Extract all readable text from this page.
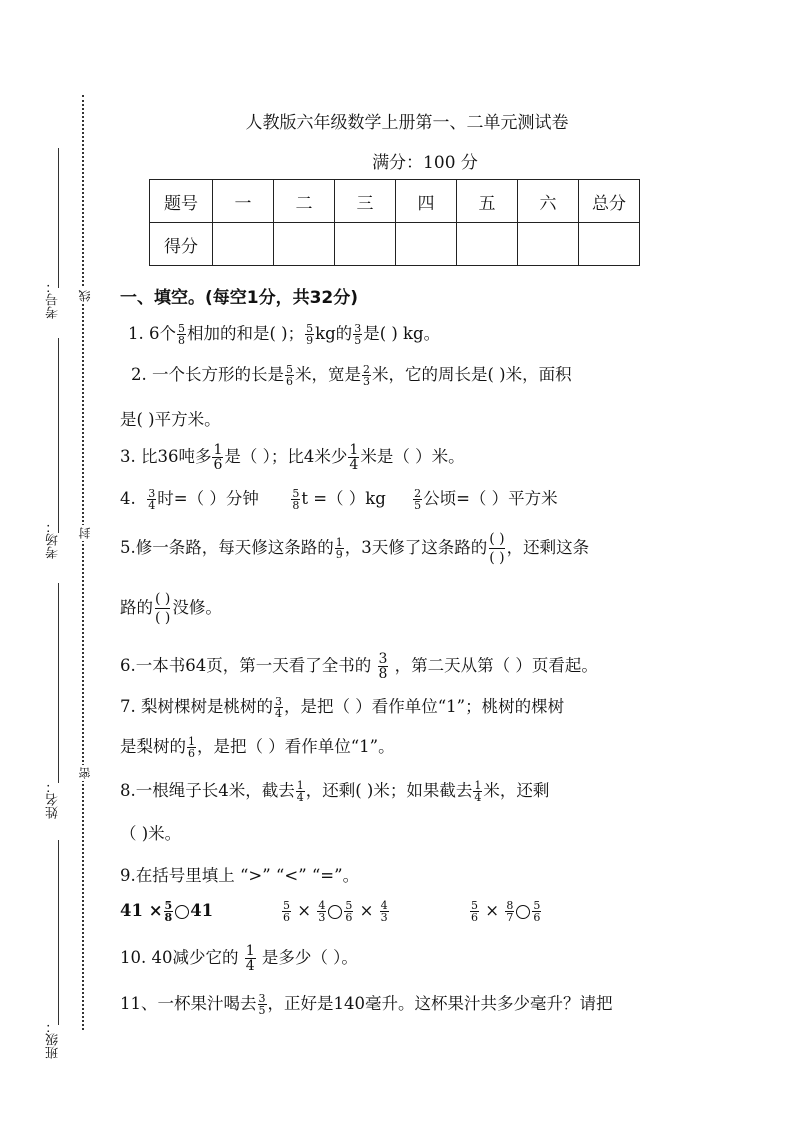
考号：
考场：
姓名：
班级：
线
封
密
人教版六年级数学上册第一、二单元测试卷
满分：100 分
题号	一	二	三	四	五	六	总分
得分							
一、填空。(每空1分，共32分)
1. 6个 $\frac{5}{8}$ 相加的和是( )； $\frac{5}{9}$ kg的 $\frac{3}{5}$ 是( ) kg。
2. 一个长方形的长是 $\frac{5}{6}$ 米，宽是 $\frac{2}{3}$ 米，它的周长是( )米，面积
是( )平方米。
3. 比36吨多 $\frac{1}{6}$ 是（ ）；比4米少 $\frac{1}{4}$ 米是（ ）米。
4. $\frac{3}{4}$ 时=（ ）分钟	$\frac{5}{8}$ t =（ ）$kg \frac{2}{5}$ 公顷=（ ）平方米
5.修一条路，每天修这条路的 $\frac{1}{9}$ ，3天修了这条路的 ( )
( )，还剩这条
路的 ( )
( )没修。
6.一本书64页，第一天看了全书的 $\frac{3}{8}$ ，第二天从第（ ）页看起。
7. 梨树棵树是桃树的 $\frac{3}{4}$ ，是把（ ）看作单位“1”；桃树的棵树
是梨树的 $\frac{1}{6}$ ，是把（ ）看作单位“1”。
8.一根绳子长4米，截去 $\frac{1}{4}$ ，还剩( )米；如果截去 $\frac{1}{4}$ 米，还剩
（ )米。
9.在括号里填上 “>” “<” “=”。
$41 \times \frac{5}{8} 41$	$\frac{5}{6} \times \frac{4}{3} \frac{5}{6} \times \frac{4}{3}$	$\frac{5}{6} \times \frac{8}{7} \frac{5}{6}$
10. 40减少它的 $\frac{1}{4}$ 是多少（ ）。
11、一杯果汁喝去 $\frac{3}{5}$ ，正好是140毫升。这杯果汁共多少毫升？请把
